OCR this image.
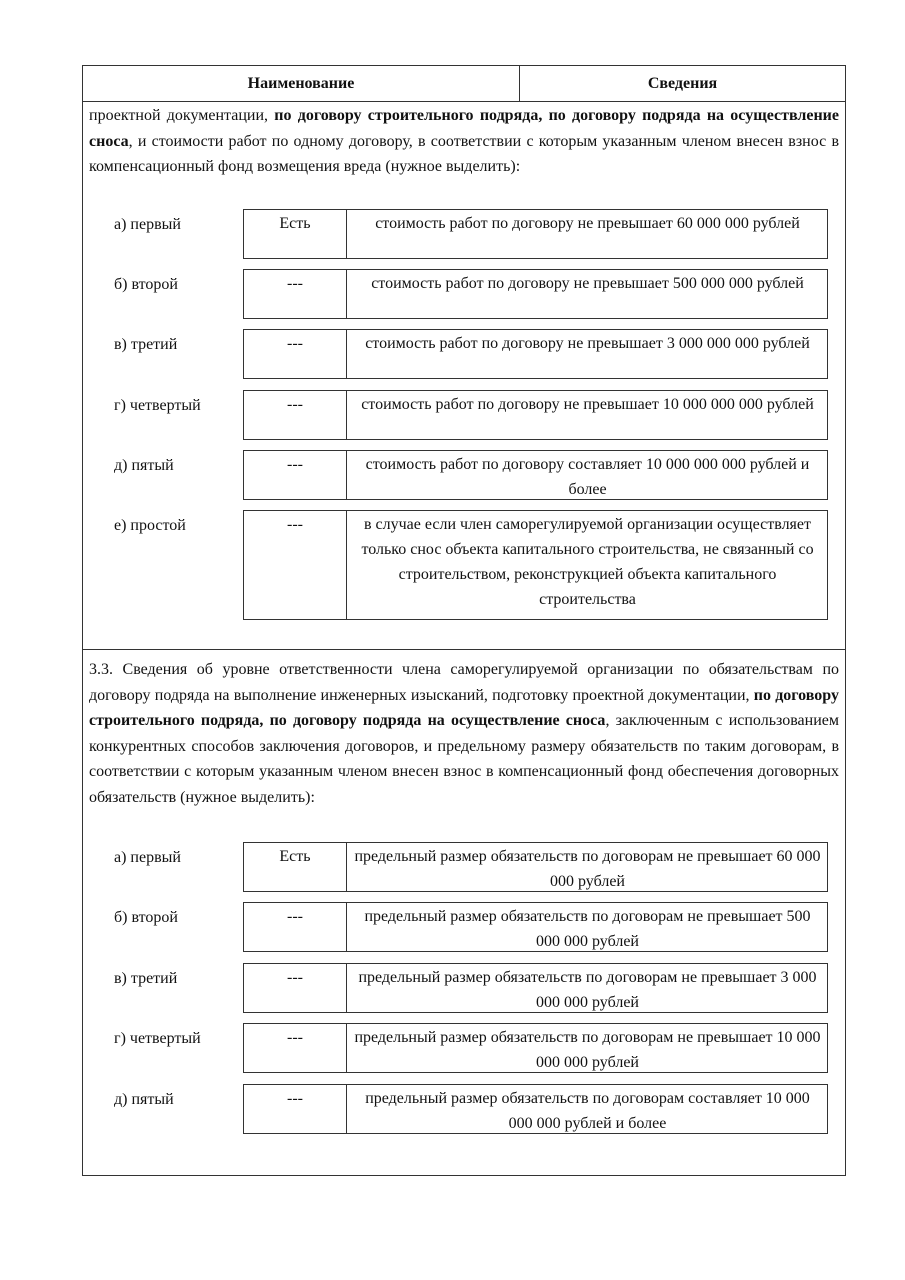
Наименование	Сведения
проектной документации, по договору строительного подряда, по договору подряда на осуществление сноса, и стоимости работ по одному договору, в соответствии с которым указанным членом внесен взнос в компенсационный фонд возмещения вреда (нужное выделить):
а) первый	Есть	стоимость работ по договору не превышает 60 000 000 рублей
б) второй	---	стоимость работ по договору не превышает 500 000 000 рублей
в) третий	---	стоимость работ по договору не превышает 3 000 000 000 рублей
г) четвертый	---	стоимость работ по договору не превышает 10 000 000 000 рублей
д) пятый	---	стоимость работ по договору составляет 10 000 000 000 рублей и более
е) простой	---	в случае если член саморегулируемой организации осуществляет только снос объекта капитального строительства, не связанный со строительством, реконструкцией объекта капитального строительства
3.3. Сведения об уровне ответственности члена саморегулируемой организации по обязательствам по договору подряда на выполнение инженерных изысканий, подготовку проектной документации, по договору строительного подряда, по договору подряда на осуществление сноса, заключенным с использованием конкурентных способов заключения договоров, и предельному размеру обязательств по таким договорам, в соответствии с которым указанным членом внесен взнос в компенсационный фонд обеспечения договорных обязательств (нужное выделить):
а) первый	Есть	предельный размер обязательств по договорам не превышает 60 000 000 рублей
б) второй	---	предельный размер обязательств по договорам не превышает 500 000 000 рублей
в) третий	---	предельный размер обязательств по договорам не превышает 3 000 000 000 рублей
г) четвертый	---	предельный размер обязательств по договорам не превышает 10 000 000 000 рублей
д) пятый	---	предельный размер обязательств по договорам составляет 10 000 000 000 рублей и более
